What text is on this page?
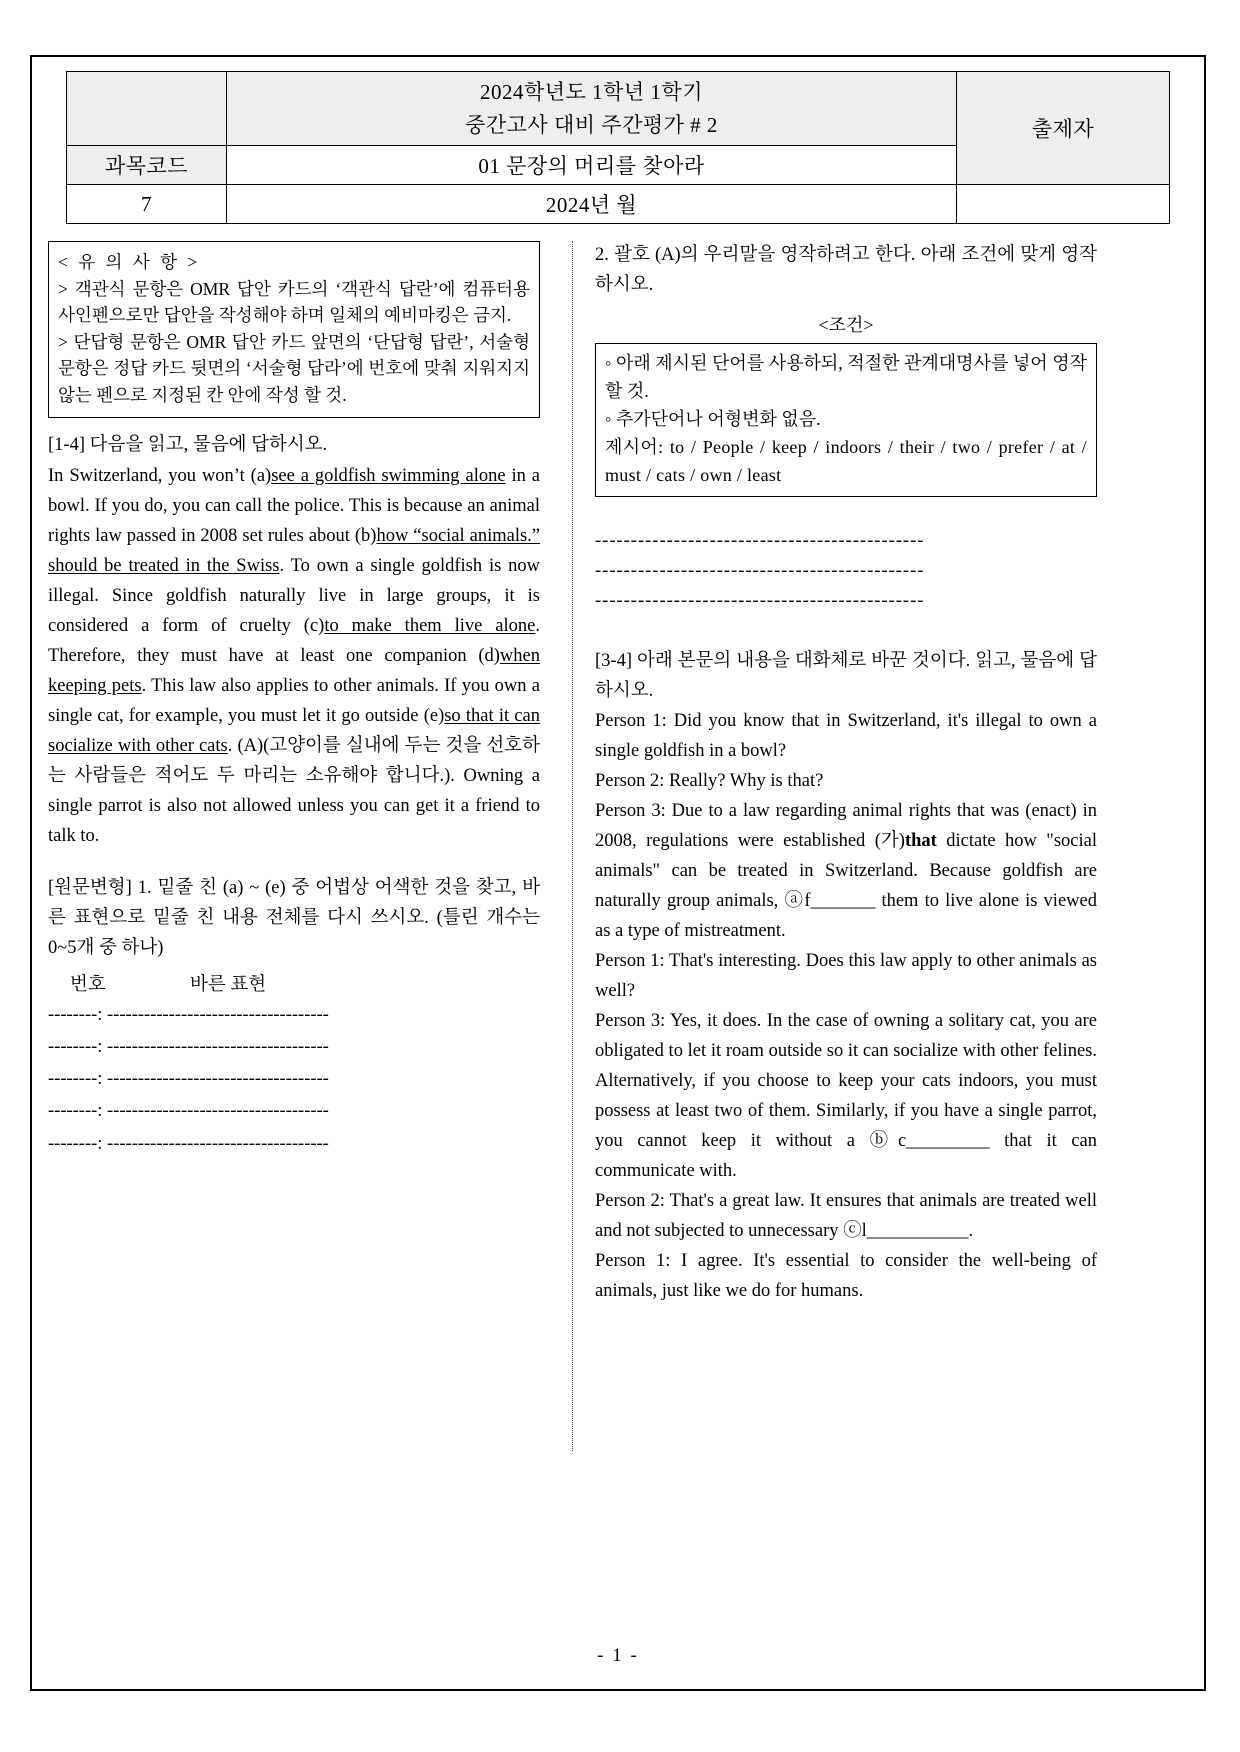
	2024학년도 1학년 1학기
중간고사 대비 주간평가 # 2	출제자
과목코드	01 문장의 머리를 찾아라	
7	2024년 월	

< 유 의 사 항 >

> 객관식 문항은 OMR 답안 카드의 ‘객관식 답란’에 컴퓨터용 사인펜으로만 답안을 작성해야 하며 일체의 예비마킹은 금지.

> 단답형 문항은 OMR 답안 카드 앞면의 ‘단답형 답란’, 서술형 문항은 정답 카드 뒷면의 ‘서술형 답라’에 번호에 맞춰 지워지지 않는 펜으로 지정된 칸 안에 작성 할 것.

[1-4] 다음을 읽고, 물음에 답하시오.

In Switzerland, you won’t (a)see a goldfish swimming alone in a bowl. If you do, you can call the police. This is because an animal rights law passed in 2008 set rules about (b)how “social animals.” should be treated in the Swiss. To own a single goldfish is now illegal. Since goldfish naturally live in large groups, it is considered a form of cruelty (c)to make them live alone. Therefore, they must have at least one companion (d)when keeping pets. This law also applies to other animals. If you own a single cat, for example, you must let it go outside (e)so that it can socialize with other cats. (A)(고양이를 실내에 두는 것을 선호하는 사람들은 적어도 두 마리는 소유해야 합니다.). Owning a single parrot is also not allowed unless you can get it a friend to talk to.

[원문변형] 1. 밑줄 친 (a) ~ (e) 중 어법상 어색한 것을 찾고, 바른 표현으로 밑줄 친 내용 전체를 다시 쓰시오. (틀린 개수는 0~5개 중 하나)

번호	바른 표현
--------: ------------------------------------
--------: ------------------------------------
--------: ------------------------------------
--------: ------------------------------------
--------: ------------------------------------

2. 괄호 (A)의 우리말을 영작하려고 한다. 아래 조건에 맞게 영작하시오.

<조건>

◦ 아래 제시된 단어를 사용하되, 적절한 관계대명사를 넣어 영작할 것.

◦ 추가단어나 어형변화 없음.

제시어: to / People / keep / indoors / their / two / prefer / at / must / cats / own / least

----------------------------------------------
----------------------------------------------
----------------------------------------------

[3-4] 아래 본문의 내용을 대화체로 바꾼 것이다. 읽고, 물음에 답하시오.

Person 1: Did you know that in Switzerland, it's illegal to own a single goldfish in a bowl?

Person 2: Really? Why is that?

Person 3: Due to a law regarding animal rights that was (enact) in 2008, regulations were established (가)that dictate how "social animals" can be treated in Switzerland. Because goldfish are naturally group animals, ⓐf_______ them to live alone is viewed as a type of mistreatment.

Person 1: That's interesting. Does this law apply to other animals as well?

Person 3: Yes, it does. In the case of owning a solitary cat, you are obligated to let it roam outside so it can socialize with other felines. Alternatively, if you choose to keep your cats indoors, you must possess at least two of them. Similarly, if you have a single parrot, you cannot keep it without a ⓑc_________ that it can communicate with.

Person 2: That's a great law. It ensures that animals are treated well and not subjected to unnecessary ⓒl___________.

Person 1: I agree. It's essential to consider the well-being of animals, just like we do for humans.

- 1 -
